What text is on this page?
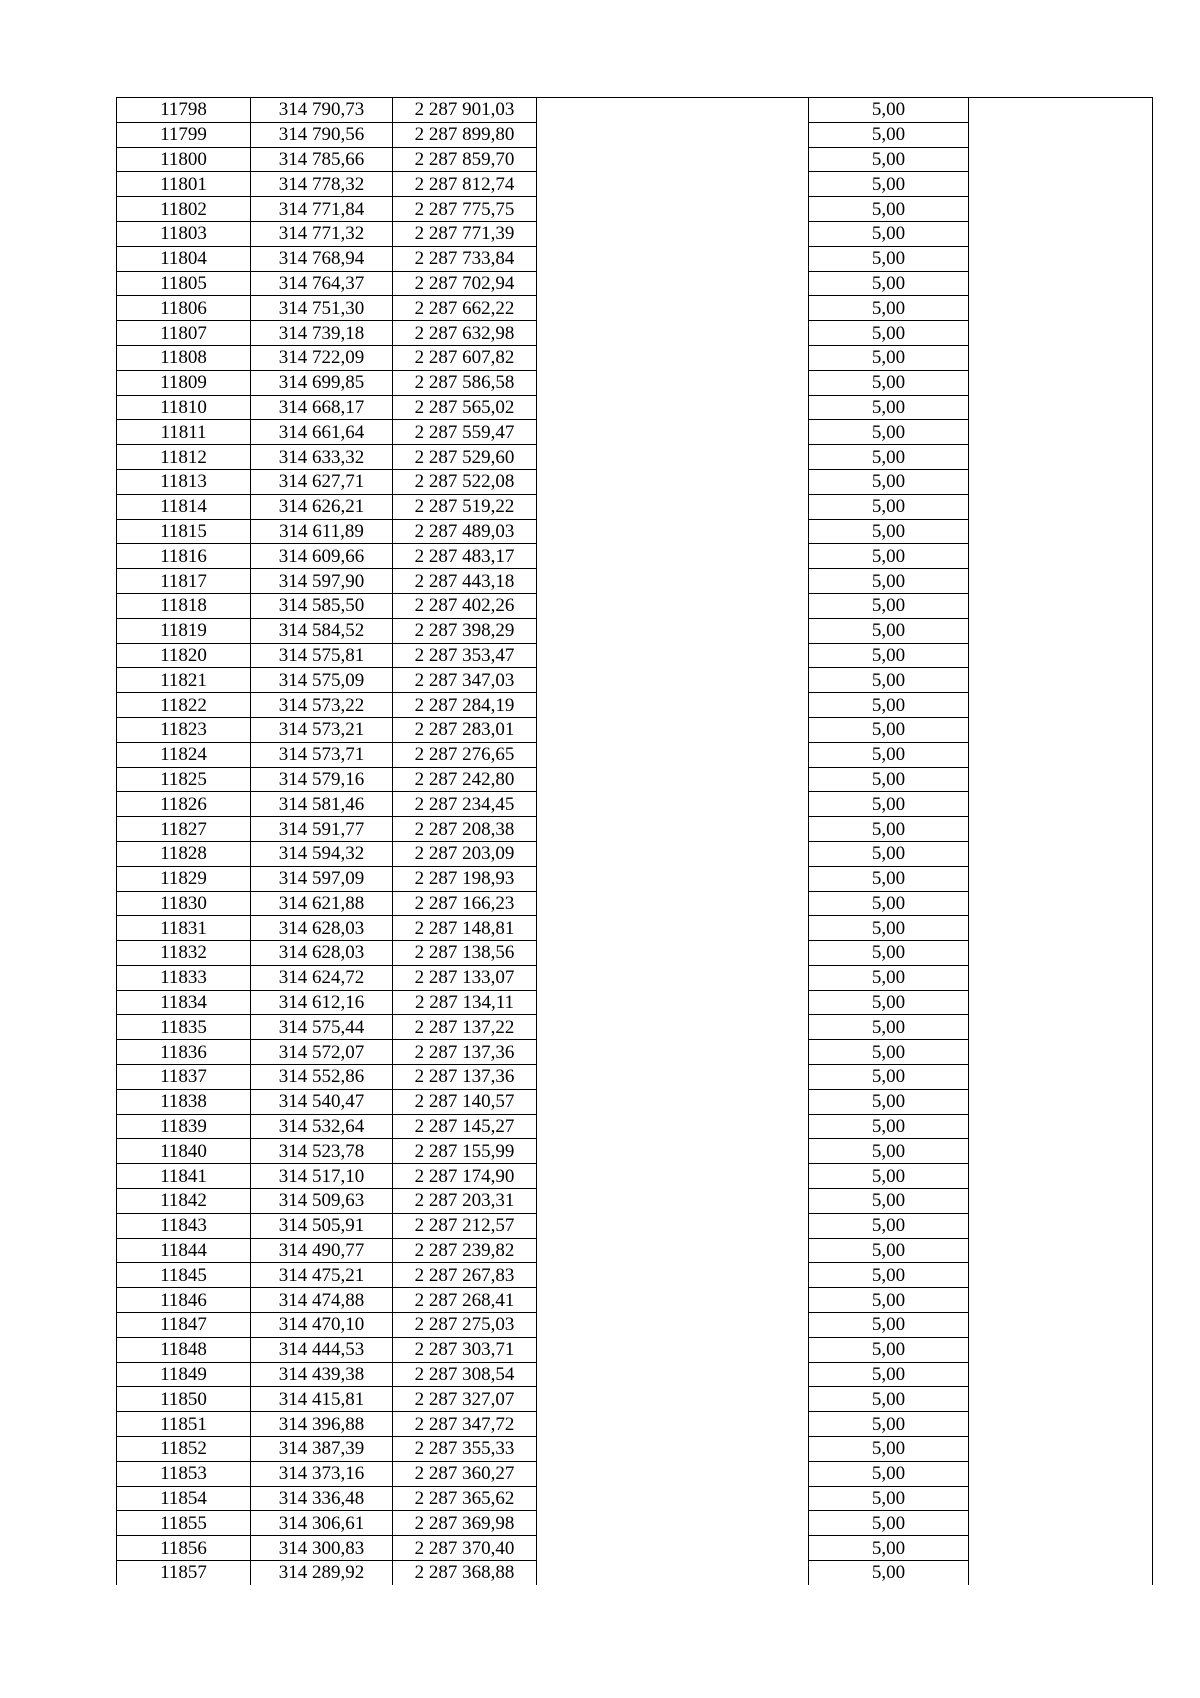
11798	314 790,73	2 287 901,03		5,00	
11799	314 790,56	2 287 899,80		5,00	
11800	314 785,66	2 287 859,70		5,00	
11801	314 778,32	2 287 812,74		5,00	
11802	314 771,84	2 287 775,75		5,00	
11803	314 771,32	2 287 771,39		5,00	
11804	314 768,94	2 287 733,84		5,00	
11805	314 764,37	2 287 702,94		5,00	
11806	314 751,30	2 287 662,22		5,00	
11807	314 739,18	2 287 632,98		5,00	
11808	314 722,09	2 287 607,82		5,00	
11809	314 699,85	2 287 586,58		5,00	
11810	314 668,17	2 287 565,02		5,00	
11811	314 661,64	2 287 559,47		5,00	
11812	314 633,32	2 287 529,60		5,00	
11813	314 627,71	2 287 522,08		5,00	
11814	314 626,21	2 287 519,22		5,00	
11815	314 611,89	2 287 489,03		5,00	
11816	314 609,66	2 287 483,17		5,00	
11817	314 597,90	2 287 443,18		5,00	
11818	314 585,50	2 287 402,26		5,00	
11819	314 584,52	2 287 398,29		5,00	
11820	314 575,81	2 287 353,47		5,00	
11821	314 575,09	2 287 347,03		5,00	
11822	314 573,22	2 287 284,19		5,00	
11823	314 573,21	2 287 283,01		5,00	
11824	314 573,71	2 287 276,65		5,00	
11825	314 579,16	2 287 242,80		5,00	
11826	314 581,46	2 287 234,45		5,00	
11827	314 591,77	2 287 208,38		5,00	
11828	314 594,32	2 287 203,09		5,00	
11829	314 597,09	2 287 198,93		5,00	
11830	314 621,88	2 287 166,23		5,00	
11831	314 628,03	2 287 148,81		5,00	
11832	314 628,03	2 287 138,56		5,00	
11833	314 624,72	2 287 133,07		5,00	
11834	314 612,16	2 287 134,11		5,00	
11835	314 575,44	2 287 137,22		5,00	
11836	314 572,07	2 287 137,36		5,00	
11837	314 552,86	2 287 137,36		5,00	
11838	314 540,47	2 287 140,57		5,00	
11839	314 532,64	2 287 145,27		5,00	
11840	314 523,78	2 287 155,99		5,00	
11841	314 517,10	2 287 174,90		5,00	
11842	314 509,63	2 287 203,31		5,00	
11843	314 505,91	2 287 212,57		5,00	
11844	314 490,77	2 287 239,82		5,00	
11845	314 475,21	2 287 267,83		5,00	
11846	314 474,88	2 287 268,41		5,00	
11847	314 470,10	2 287 275,03		5,00	
11848	314 444,53	2 287 303,71		5,00	
11849	314 439,38	2 287 308,54		5,00	
11850	314 415,81	2 287 327,07		5,00	
11851	314 396,88	2 287 347,72		5,00	
11852	314 387,39	2 287 355,33		5,00	
11853	314 373,16	2 287 360,27		5,00	
11854	314 336,48	2 287 365,62		5,00	
11855	314 306,61	2 287 369,98		5,00	
11856	314 300,83	2 287 370,40		5,00	
11857	314 289,92	2 287 368,88		5,00	
